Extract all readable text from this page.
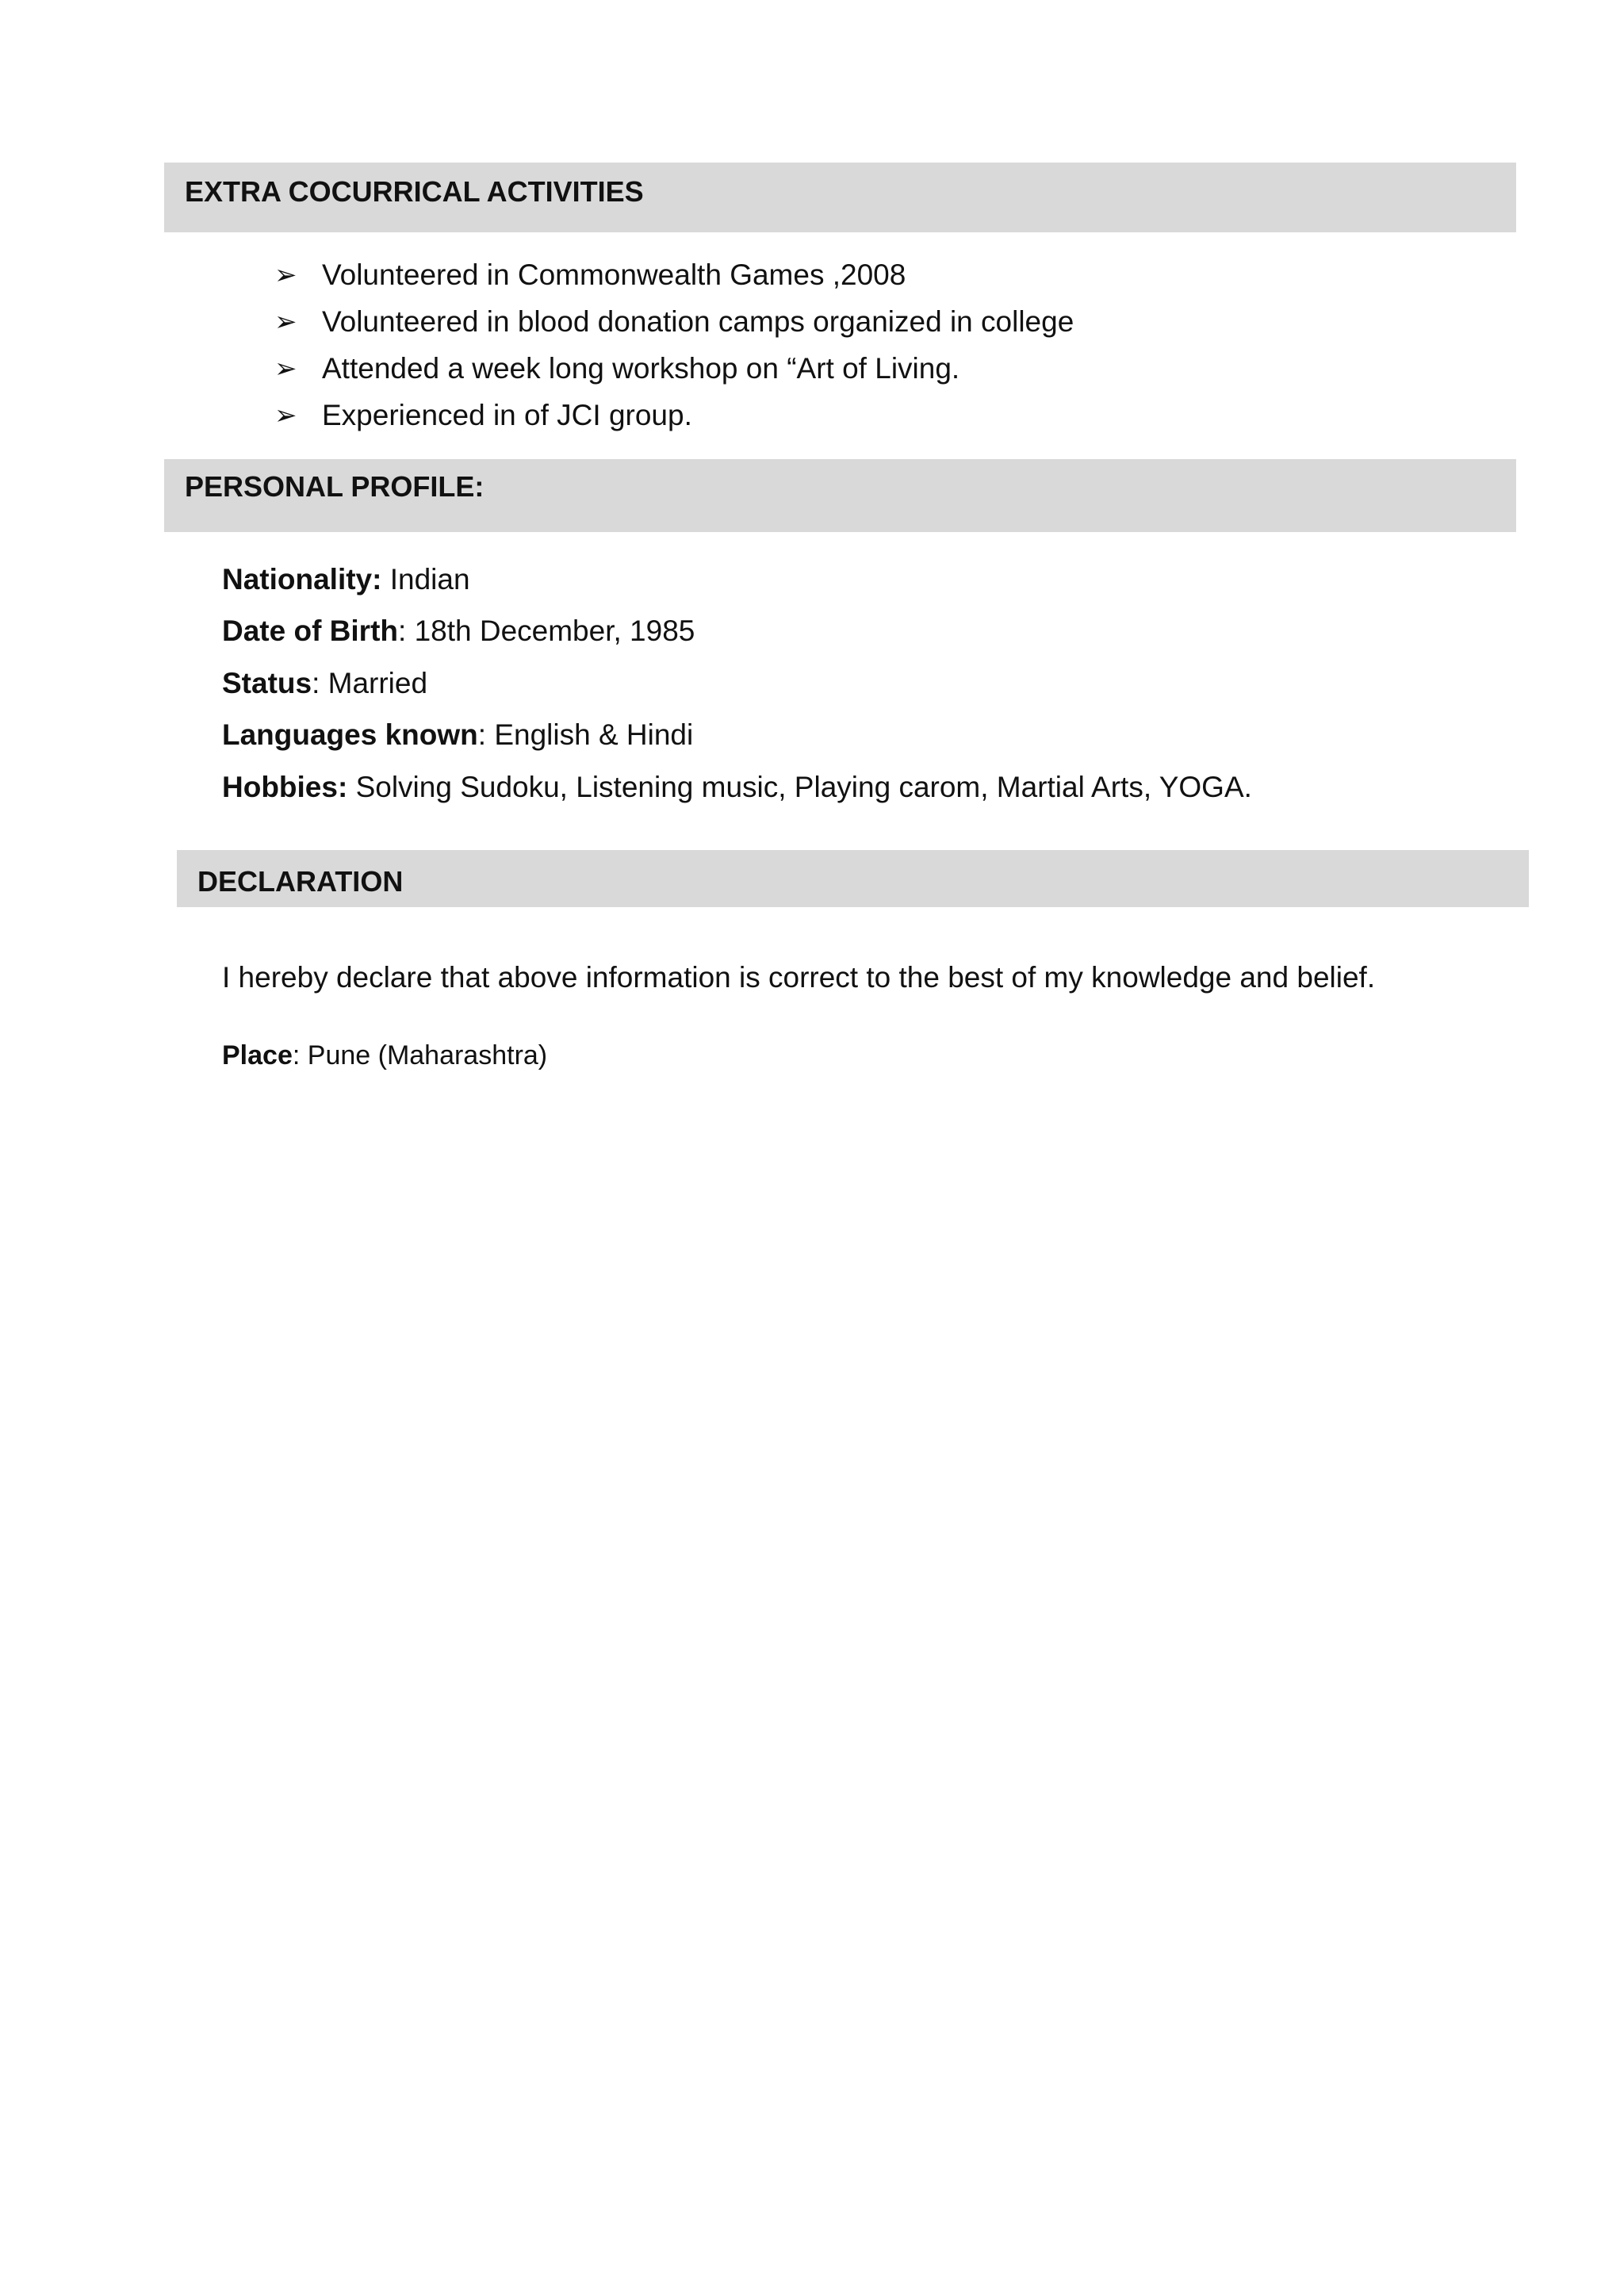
EXTRA COCURRICAL ACTIVITIES
➢ Volunteered in Commonwealth Games ,2008
➢ Volunteered in blood donation camps organized in college
➢ Attended a week long workshop on “Art of Living.
➢ Experienced in of JCI group.
PERSONAL PROFILE:
Nationality:
Indian
Date of Birth : 18th December, 1985
Status : Married
Languages known : English & Hindi
Hobbies:
Solving Sudoku, Listening music, Playing carom, Martial Arts, YOGA.
DECLARATION
I hereby declare that above information is correct to the best of my knowledge and belief.
Place: Pune (Maharashtra)
